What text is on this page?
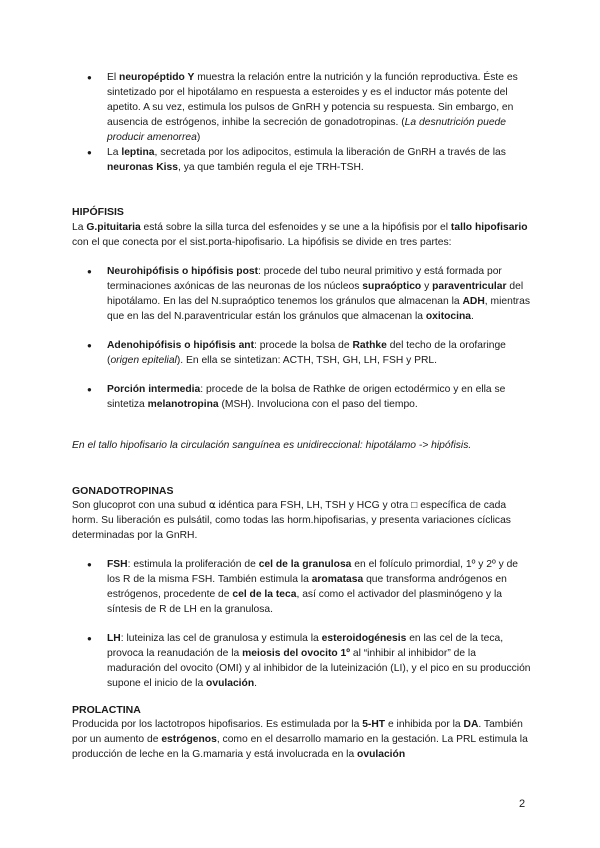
● El neuropéptido Y muestra la relación entre la nutrición y la función reproductiva. Éste es sintetizado por el hipotálamo en respuesta a esteroides y es el inductor más potente del apetito. A su vez, estimula los pulsos de GnRH y potencia su respuesta. Sin embargo, en ausencia de estrógenos, inhibe la secreción de gonadotropinas. (La desnutrición puede producir amenorrea)
● La leptina, secretada por los adipocitos, estimula la liberación de GnRH a través de las neuronas Kiss, ya que también regula el eje TRH-TSH.
HIPÓFISIS
La G.pituitaria está sobre la silla turca del esfenoides y se une a la hipófisis por el tallo hipofisario con el que conecta por el sist.porta-hipofisario. La hipófisis se divide en tres partes:
● Neurohipófisis o hipófisis post: procede del tubo neural primitivo y está formada por terminaciones axónicas de las neuronas de los núcleos supraóptico y paraventricular del hipotálamo. En las del N.supraóptico tenemos los gránulos que almacenan la ADH, mientras que en las del N.paraventricular están los gránulos que almacenan la oxitocina.
● Adenohipófisis o hipófisis ant: procede la bolsa de Rathke del techo de la orofaringe (origen epitelial). En ella se sintetizan: ACTH, TSH, GH, LH, FSH y PRL.
● Porción intermedia: procede de la bolsa de Rathke de origen ectodérmico y en ella se sintetiza melanotropina (MSH). Involuciona con el paso del tiempo.
En el tallo hipofisario la circulación sanguínea es unidireccional: hipotálamo -> hipófisis.
GONADOTROPINAS
Son glucoprot con una subud ⍺ idéntica para FSH, LH, TSH y HCG y otra □ específica de cada horm. Su liberación es pulsátil, como todas las horm.hipofisarias, y presenta variaciones cíclicas determinadas por la GnRH.
● FSH: estimula la proliferación de cel de la granulosa en el folículo primordial, 1º y 2º y de los R de la misma FSH. También estimula la aromatasa que transforma andrógenos en estrógenos, procedente de cel de la teca, así como el activador del plasminógeno y la síntesis de R de LH en la granulosa.
● LH: luteiniza las cel de granulosa y estimula la esteroidogénesis en las cel de la teca, provoca la reanudación de la meiosis del ovocito 1º al “inhibir al inhibidor” de la maduración del ovocito (OMI) y al inhibidor de la luteinización (LI), y el pico en su producción supone el inicio de la ovulación.
PROLACTINA
Producida por los lactotropos hipofisarios. Es estimulada por la 5-HT e inhibida por la DA. También por un aumento de estrógenos, como en el desarrollo mamario en la gestación. La PRL estimula la producción de leche en la G.mamaria y está involucrada en la ovulación
2
